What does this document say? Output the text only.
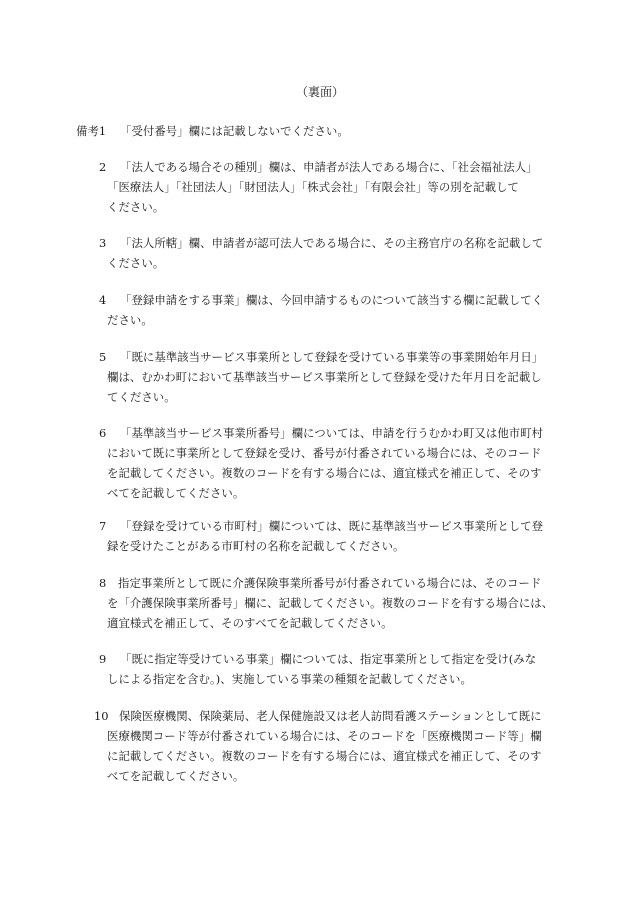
（裏面）
備考1 「受付番号」欄には記載しないでください。
2 「法人である場合その種別」欄は、申請者が法人である場合に、「社会福祉法人」
「医療法人」「社団法人」「財団法人」「株式会社」「有限会社」等の別を記載して
ください。
3 「法人所轄」欄、申請者が認可法人である場合に、その主務官庁の名称を記載して
ください。
4 「登録申請をする事業」欄は、今回申請するものについて該当する欄に記載してく
ださい。
5 「既に基準該当サービス事業所として登録を受けている事業等の事業開始年月日」
欄は、むかわ町において基準該当サービス事業所として登録を受けた年月日を記載し
てください。
6 「基準該当サービス事業所番号」欄については、申請を行うむかわ町又は他市町村
において既に事業所として登録を受け、番号が付番されている場合には、そのコード
を記載してください。複数のコードを有する場合には、適宜様式を補正して、そのす
べてを記載してください。
7 「登録を受けている市町村」欄については、既に基準該当サービス事業所として登
録を受けたことがある市町村の名称を記載してください。
8 指定事業所として既に介護保険事業所番号が付番されている場合には、そのコード
を「介護保険事業所番号」欄に、記載してください。複数のコードを有する場合には、
適宜様式を補正して、そのすべてを記載してください。
9 「既に指定等受けている事業」欄については、指定事業所として指定を受け(みな
しによる指定を含む。)、実施している事業の種類を記載してください。
10 保険医療機関、保険薬局、老人保健施設又は老人訪問看護ステーションとして既に
医療機関コード等が付番されている場合には、そのコードを「医療機関コード等」欄
に記載してください。複数のコードを有する場合には、適宜様式を補正して、そのす
べてを記載してください。
